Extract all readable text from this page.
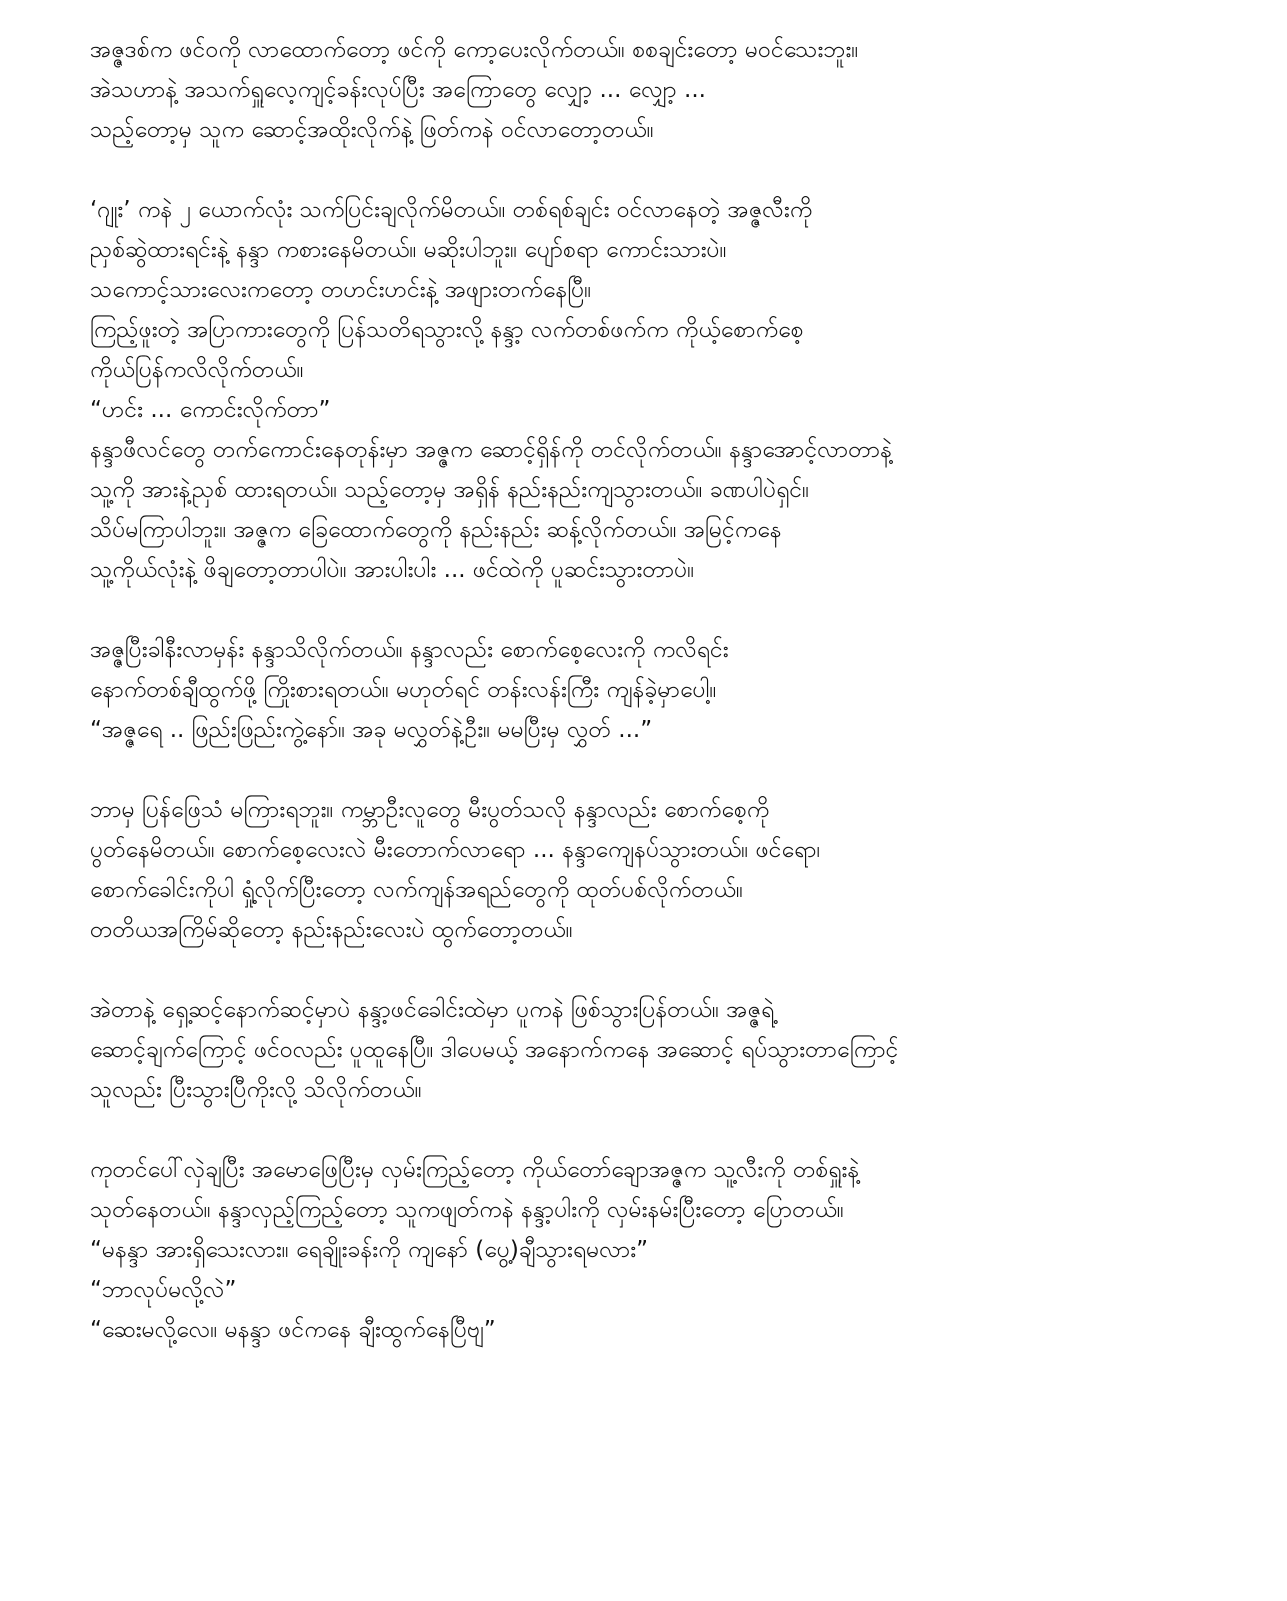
အဇ္ဇဒစ်က ဖင်ဝကို လာထောက်တော့ ဖင်ကို ကော့ပေးလိုက်တယ်။ စစချင်းတော့ မဝင်သေးဘူး။
အဲသဟာနဲ့ အသက်ရှူလေ့ကျင့်ခန်းလုပ်ပြီး အကြောတွေ လျှော့ ... လျှော့ ...
သည့်တော့မှ သူက ဆောင့်အထိုးလိုက်နဲ့ ဖြတ်ကနဲ ဝင်လာတော့တယ်။

‘ဂျုး’ ကနဲ ၂ ယောက်လုံး သက်ပြင်းချလိုက်မိတယ်။ တစ်ရစ်ချင်း ဝင်လာနေတဲ့ အဇ္ဇလီးကို
ညှစ်ဆွဲထားရင်းနဲ့ နန္ဒာ ကစားနေမိတယ်။ မဆိုးပါဘူး။ ပျော်စရာ ကောင်းသားပဲ။
သကောင့်သားလေးကတော့ တဟင်းဟင်းနဲ့ အဖျားတက်နေပြီ။
ကြည့်ဖူးတဲ့ အပြာကားတွေကို ပြန်သတိရသွားလို့ နန္ဒာ့ လက်တစ်ဖက်က ကိုယ့်စောက်စေ့
ကိုယ်ပြန်ကလိလိုက်တယ်။
“ဟင်း ... ကောင်းလိုက်တာ”
နန္ဒာဖီလင်တွေ တက်ကောင်းနေတုန်းမှာ အဇ္ဇက ဆောင့်ရှိန်ကို တင်လိုက်တယ်။ နန္ဒာအောင့်လာတာနဲ့
သူ့ကို အားနဲ့ညှစ် ထားရတယ်။ သည့်တော့မှ အရှိန် နည်းနည်းကျသွားတယ်။ ခဏပါပဲရှင်။
သိပ်မကြာပါဘူး။ အဇ္ဇက ခြေထောက်တွေကို နည်းနည်း ဆန့်လိုက်တယ်။ အမြင့်ကနေ
သူ့ကိုယ်လုံးနဲ့ ဖိချတော့တာပါပဲ။ အားပါးပါး ... ဖင်ထဲကို ပူဆင်းသွားတာပဲ။

အဇ္ဇပြီးခါနီးလာမှန်း နန္ဒာသိလိုက်တယ်။ နန္ဒာလည်း စောက်စေ့လေးကို ကလိရင်း
နောက်တစ်ချီထွက်ဖို့ ကြိုးစားရတယ်။ မဟုတ်ရင် တန်းလန်းကြီး ကျန်ခဲ့မှာပေါ့။
“အဇ္ဇရေ .. ဖြည်းဖြည်းကွဲ့နော်။ အခု မလွှတ်နဲ့ဦး။ မမပြီးမှ လွှတ် ...”

ဘာမှ ပြန်ဖြေသံ မကြားရဘူး။ ကမ္ဘာဦးလူတွေ မီးပွတ်သလို နန္ဒာလည်း စောက်စေ့ကို
ပွတ်နေမိတယ်။ စောက်စေ့လေးလဲ မီးတောက်လာရော ... နန္ဒာကျေနပ်သွားတယ်။ ဖင်ရော၊
စောက်ခေါင်းကိုပါ ရှုံ့လိုက်ပြီးတော့ လက်ကျန်အရည်တွေကို ထုတ်ပစ်လိုက်တယ်။
တတိယအကြိမ်ဆိုတော့ နည်းနည်းလေးပဲ ထွက်တော့တယ်။

အဲတာနဲ့ ရှေ့ဆင့်နောက်ဆင့်မှာပဲ နန္ဒာ့ဖင်ခေါင်းထဲမှာ ပူကနဲ ဖြစ်သွားပြန်တယ်။ အဇ္ဇရဲ့
ဆောင့်ချက်ကြောင့် ဖင်ဝလည်း ပူထူနေပြီ။ ဒါပေမယ့် အနောက်ကနေ အဆောင့် ရပ်သွားတာကြောင့်
သူလည်း ပြီးသွားပြီကိုးလို့ သိလိုက်တယ်။

ကုတင်ပေါ်လှဲချပြီး အမောဖြေပြီးမှ လှမ်းကြည့်တော့ ကိုယ်တော်ချောအဇ္ဇက သူ့လီးကို တစ်ရှူးနဲ့
သုတ်နေတယ်။ နန္ဒာလှည့်ကြည့်တော့ သူကဖျတ်ကနဲ နန္ဒာ့ပါးကို လှမ်းနမ်းပြီးတော့ ပြောတယ်။
“မနန္ဒာ အားရှိသေးလား။ ရေချိုးခန်းကို ကျနော် (ပွေ့)ချီသွားရမလား”
“ဘာလုပ်မလို့လဲ”
“ဆေးမလို့လေ။ မနန္ဒာ ဖင်ကနေ ချီးထွက်နေပြီဗျ”
